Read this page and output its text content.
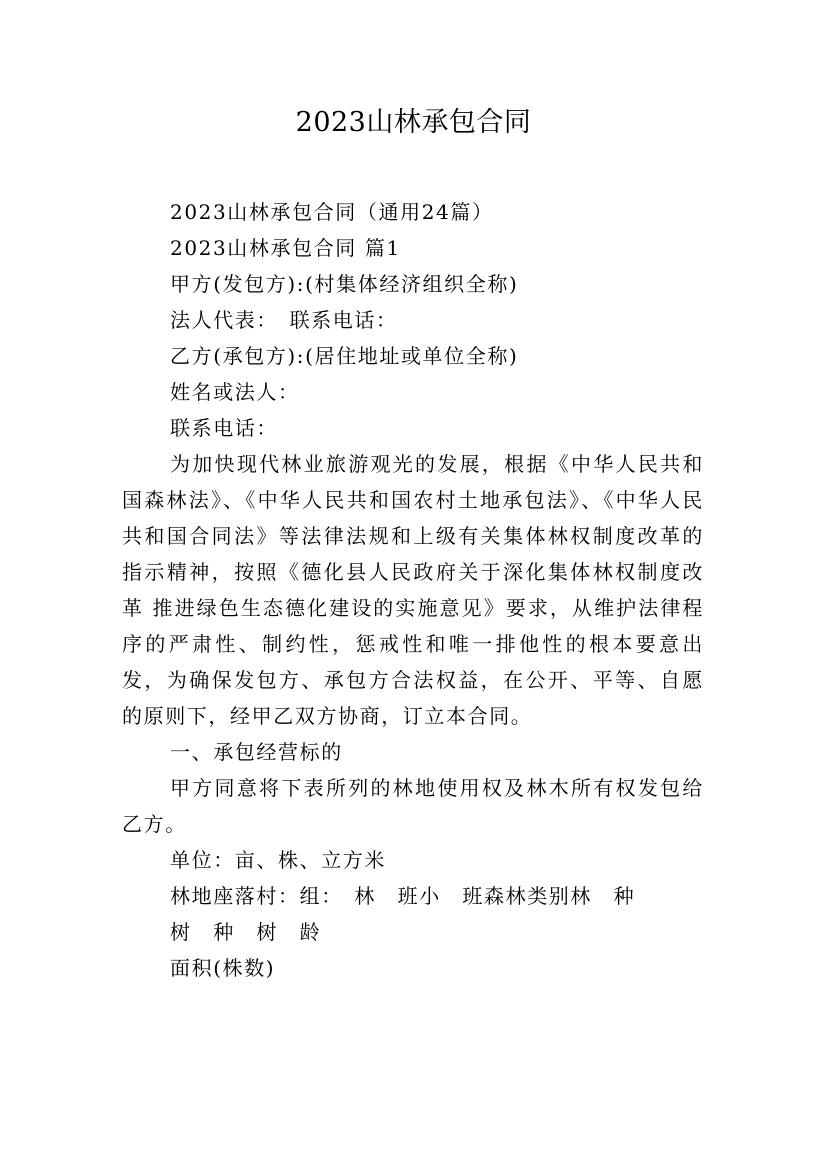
2023山林承包合同

2023山林承包合同（通用24篇）

2023山林承包合同 篇1

甲方(发包方):(村集体经济组织全称)

法人代表：　联系电话：

乙方(承包方):(居住地址或单位全称)

姓名或法人：

联系电话：

为加快现代林业旅游观光的发展，根据《中华人民共和国森林法》、《中华人民共和国农村土地承包法》、《中华人民共和国合同法》等法律法规和上级有关集体林权制度改革的指示精神，按照《德化县人民政府关于深化集体林权制度改革 推进绿色生态德化建设的实施意见》要求，从维护法律程序的严肃性、制约性，惩戒性和唯一排他性的根本要意出发，为确保发包方、承包方合法权益，在公开、平等、自愿的原则下，经甲乙双方协商，订立本合同。

一、承包经营标的

甲方同意将下表所列的林地使用权及林木所有权发包给乙方。

单位：亩、株、立方米

林地座落村：组：　林　班小　班森林类别林　种

树　种　树　龄

面积(株数)
